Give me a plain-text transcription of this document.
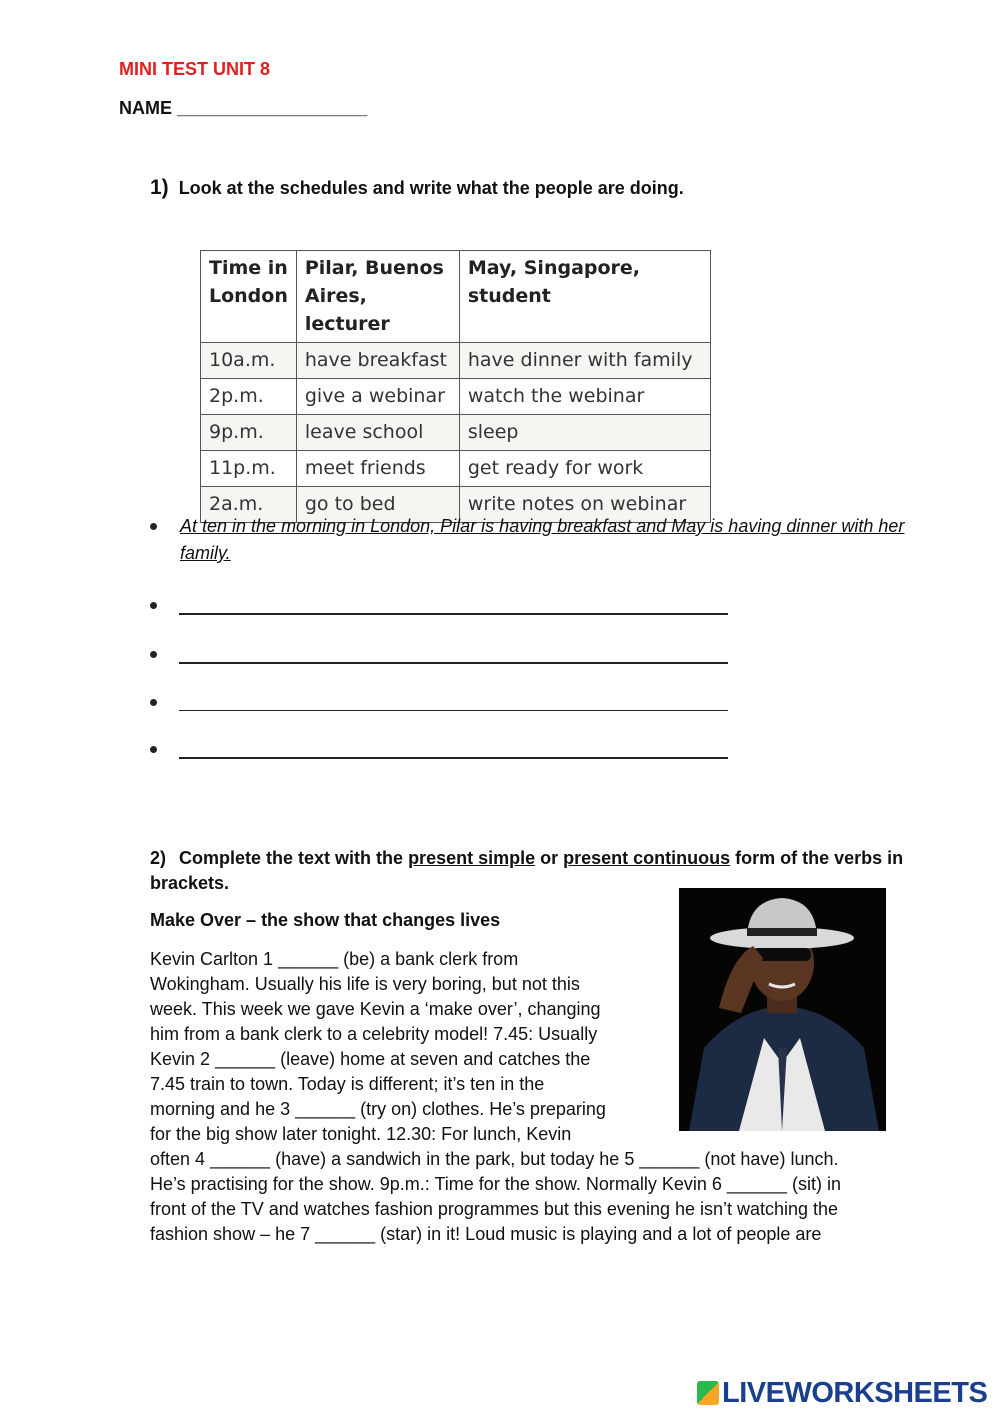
MINI TEST UNIT 8
NAME ___________________
1) Look at the schedules and write what the people are doing.
Time in London	Pilar, Buenos Aires, lecturer	May, Singapore, student
10a.m.	have breakfast	have dinner with family
2p.m.	give a webinar	watch the webinar
9p.m.	leave school	sleep
11p.m.	meet friends	get ready for work
2a.m.	go to bed	write notes on webinar
At ten in the morning in London, Pilar is having breakfast and May is having dinner with her family.
2) Complete the text with the present simple or present continuous form of the verbs in brackets.
Make Over – the show that changes lives
Kevin Carlton 1 ______ (be) a bank clerk from
Wokingham. Usually his life is very boring, but not this
week. This week we gave Kevin a ‘make over’, changing
him from a bank clerk to a celebrity model! 7.45: Usually
Kevin 2 ______ (leave) home at seven and catches the
7.45 train to town. Today is different; it’s ten in the
morning and he 3 ______ (try on) clothes. He’s preparing
for the big show later tonight. 12.30: For lunch, Kevin
often 4 ______ (have) a sandwich in the park, but today he 5 ______ (not have) lunch.
He’s practising for the show. 9p.m.: Time for the show. Normally Kevin 6 ______ (sit) in
front of the TV and watches fashion programmes but this evening he isn’t watching the
fashion show – he 7 ______ (star) in it! Loud music is playing and a lot of people are
LIVEWORKSHEETS
